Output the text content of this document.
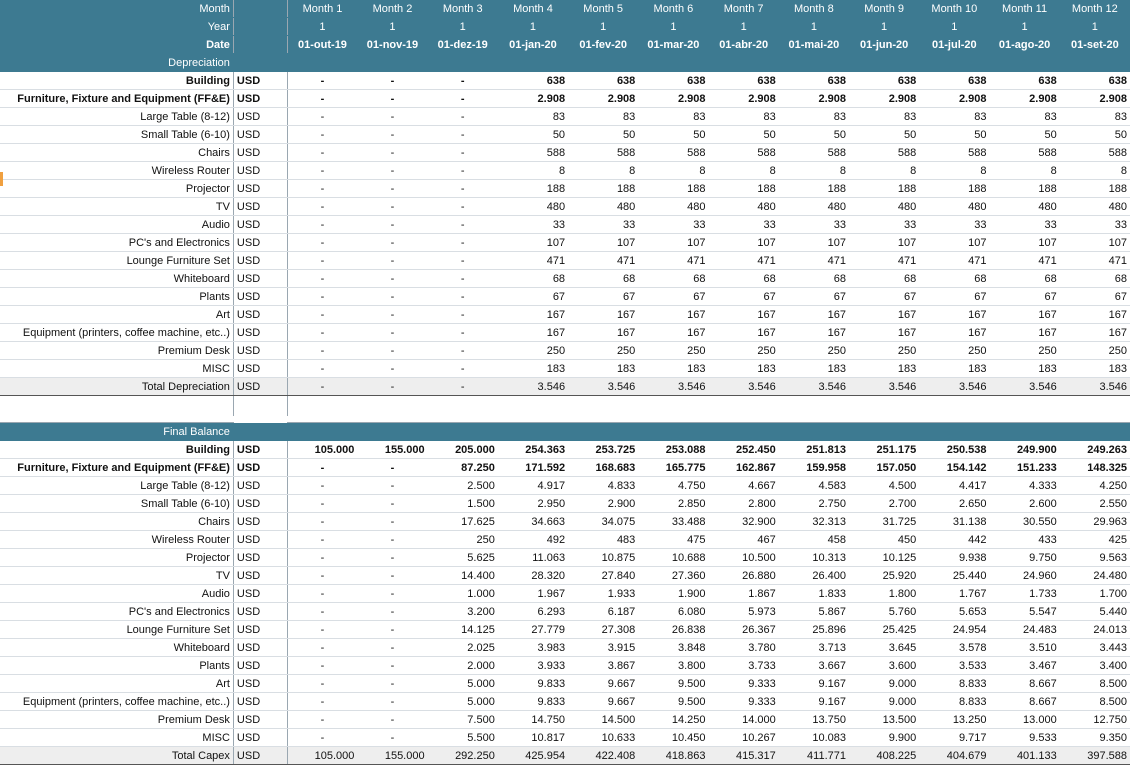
Month		Month 1	Month 2	Month 3	Month 4	Month 5	Month 6	Month 7	Month 8	Month 9	Month 10	Month 11	Month 12
Year		1	1	1	1	1	1	1	1	1	1	1	1
Date		01-out-19	01-nov-19	01-dez-19	01-jan-20	01-fev-20	01-mar-20	01-abr-20	01-mai-20	01-jun-20	01-jul-20	01-ago-20	01-set-20
Depreciation													
Building	USD	-	-	-	638	638	638	638	638	638	638	638	638
Furniture, Fixture and Equipment (FF&E)	USD	-	-	-	2.908	2.908	2.908	2.908	2.908	2.908	2.908	2.908	2.908
Large Table (8-12)	USD	-	-	-	83	83	83	83	83	83	83	83	83
Small Table (6-10)	USD	-	-	-	50	50	50	50	50	50	50	50	50
Chairs	USD	-	-	-	588	588	588	588	588	588	588	588	588
Wireless Router	USD	-	-	-	8	8	8	8	8	8	8	8	8
Projector	USD	-	-	-	188	188	188	188	188	188	188	188	188
TV	USD	-	-	-	480	480	480	480	480	480	480	480	480
Audio	USD	-	-	-	33	33	33	33	33	33	33	33	33
PC's and Electronics	USD	-	-	-	107	107	107	107	107	107	107	107	107
Lounge Furniture Set	USD	-	-	-	471	471	471	471	471	471	471	471	471
Whiteboard	USD	-	-	-	68	68	68	68	68	68	68	68	68
Plants	USD	-	-	-	67	67	67	67	67	67	67	67	67
Art	USD	-	-	-	167	167	167	167	167	167	167	167	167
Equipment (printers, coffee machine, etc..)	USD	-	-	-	167	167	167	167	167	167	167	167	167
Premium Desk	USD	-	-	-	250	250	250	250	250	250	250	250	250
MISC	USD	-	-	-	183	183	183	183	183	183	183	183	183
Total Depreciation	USD	-	-	-	3.546	3.546	3.546	3.546	3.546	3.546	3.546	3.546	3.546

Final Balance													
Building	USD	105.000	155.000	205.000	254.363	253.725	253.088	252.450	251.813	251.175	250.538	249.900	249.263
Furniture, Fixture and Equipment (FF&E)	USD	-	-	87.250	171.592	168.683	165.775	162.867	159.958	157.050	154.142	151.233	148.325
Large Table (8-12)	USD	-	-	2.500	4.917	4.833	4.750	4.667	4.583	4.500	4.417	4.333	4.250
Small Table (6-10)	USD	-	-	1.500	2.950	2.900	2.850	2.800	2.750	2.700	2.650	2.600	2.550
Chairs	USD	-	-	17.625	34.663	34.075	33.488	32.900	32.313	31.725	31.138	30.550	29.963
Wireless Router	USD	-	-	250	492	483	475	467	458	450	442	433	425
Projector	USD	-	-	5.625	11.063	10.875	10.688	10.500	10.313	10.125	9.938	9.750	9.563
TV	USD	-	-	14.400	28.320	27.840	27.360	26.880	26.400	25.920	25.440	24.960	24.480
Audio	USD	-	-	1.000	1.967	1.933	1.900	1.867	1.833	1.800	1.767	1.733	1.700
PC's and Electronics	USD	-	-	3.200	6.293	6.187	6.080	5.973	5.867	5.760	5.653	5.547	5.440
Lounge Furniture Set	USD	-	-	14.125	27.779	27.308	26.838	26.367	25.896	25.425	24.954	24.483	24.013
Whiteboard	USD	-	-	2.025	3.983	3.915	3.848	3.780	3.713	3.645	3.578	3.510	3.443
Plants	USD	-	-	2.000	3.933	3.867	3.800	3.733	3.667	3.600	3.533	3.467	3.400
Art	USD	-	-	5.000	9.833	9.667	9.500	9.333	9.167	9.000	8.833	8.667	8.500
Equipment (printers, coffee machine, etc..)	USD	-	-	5.000	9.833	9.667	9.500	9.333	9.167	9.000	8.833	8.667	8.500
Premium Desk	USD	-	-	7.500	14.750	14.500	14.250	14.000	13.750	13.500	13.250	13.000	12.750
MISC	USD	-	-	5.500	10.817	10.633	10.450	10.267	10.083	9.900	9.717	9.533	9.350
Total Capex	USD	105.000	155.000	292.250	425.954	422.408	418.863	415.317	411.771	408.225	404.679	401.133	397.588
